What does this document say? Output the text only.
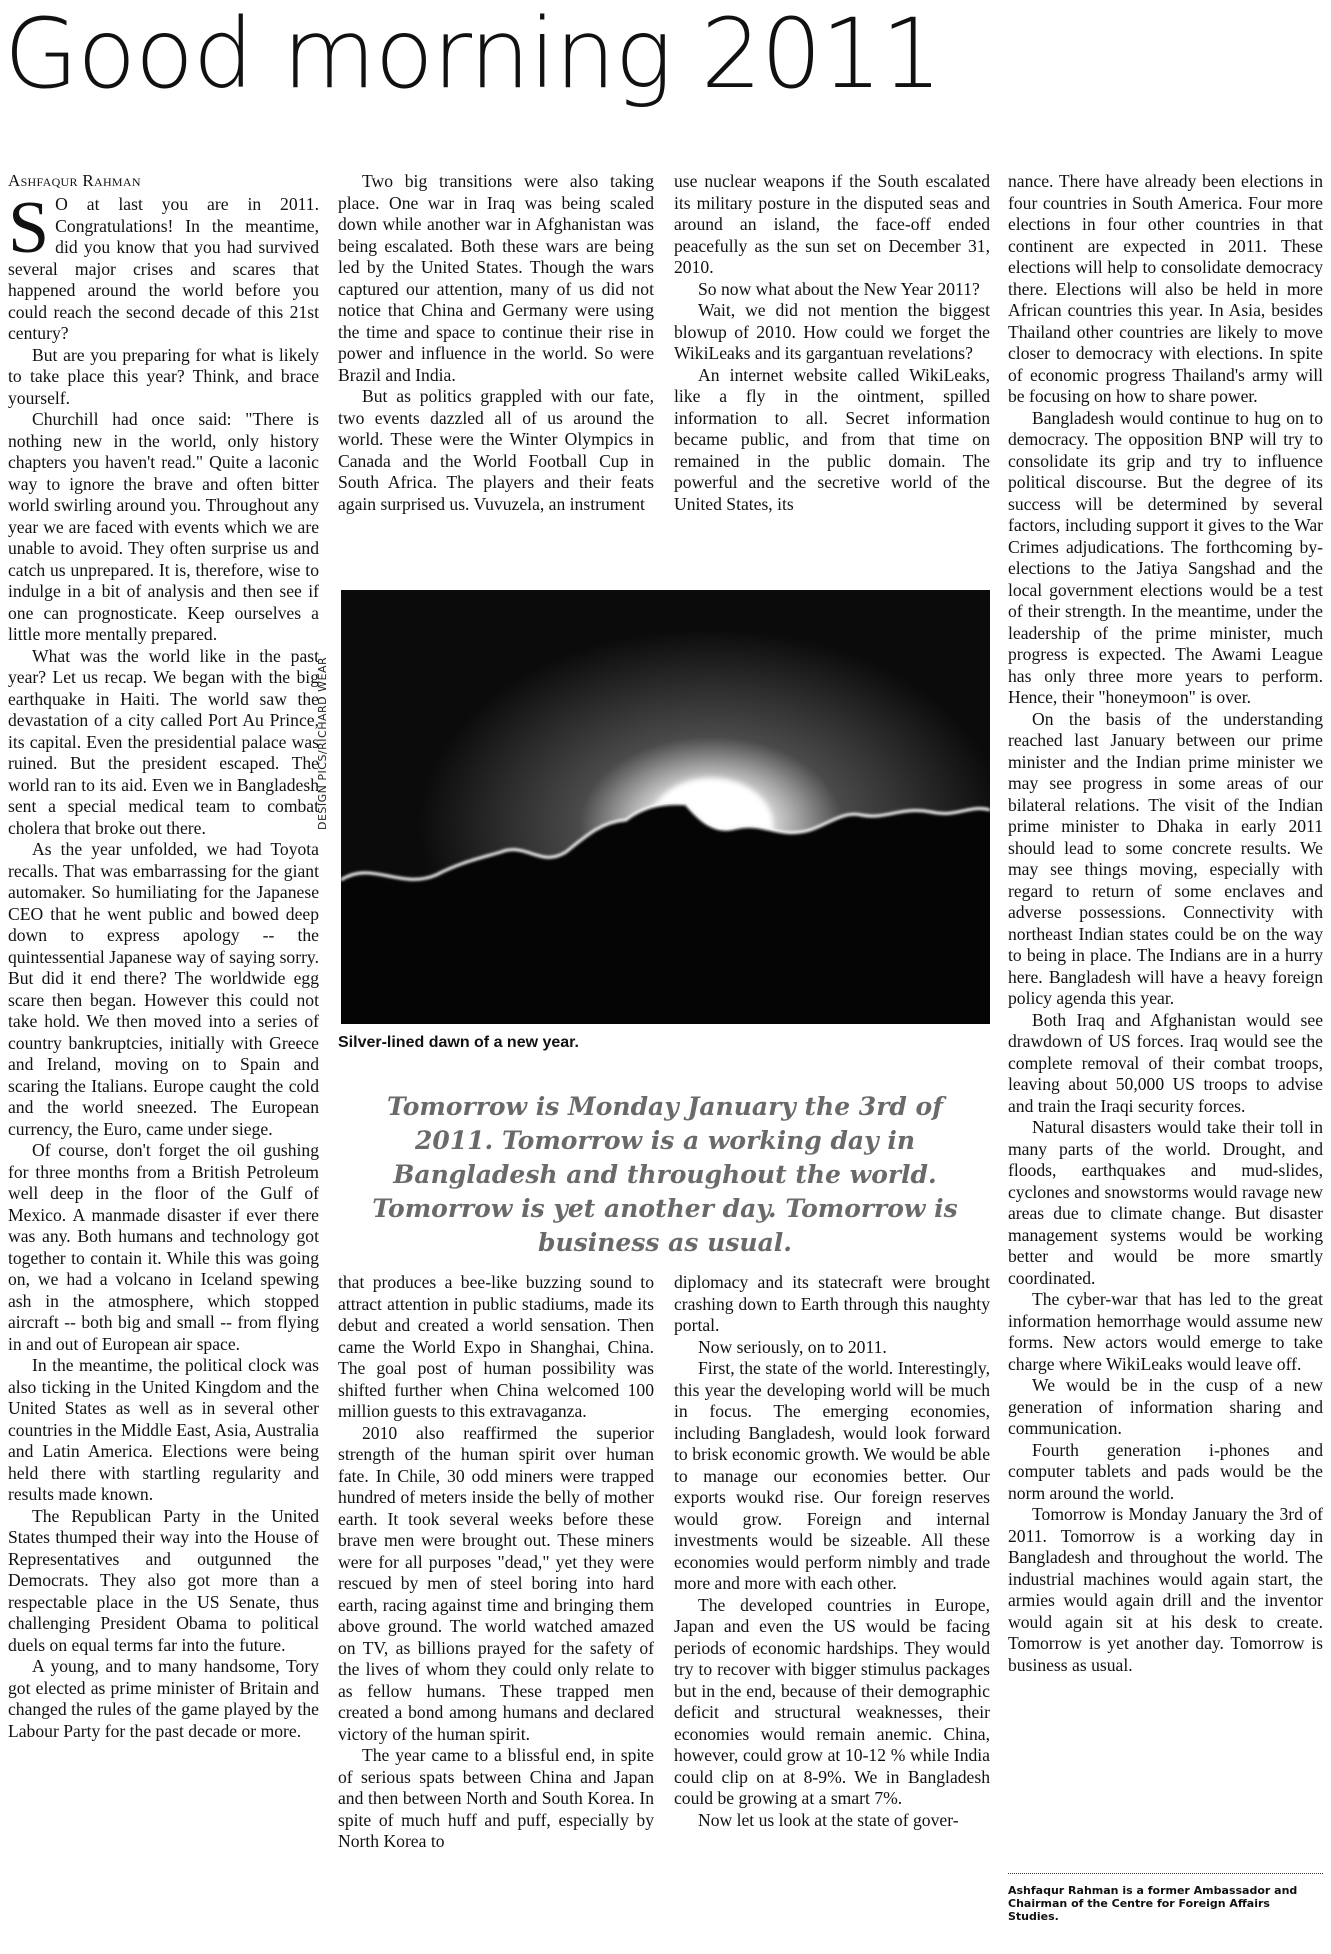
Good morning 2011
Ashfaqur Rahman

S O at last you are in 2011. Congratulations! In the meantime, did you know that you had survived several major crises and scares that happened around the world before you could reach the second decade of this 21st century?

But are you preparing for what is likely to take place this year? Think, and brace yourself.

Churchill had once said: "There is nothing new in the world, only history chapters you haven't read." Quite a laconic way to ignore the brave and often bitter world swirling around you. Throughout any year we are faced with events which we are unable to avoid. They often surprise us and catch us unprepared. It is, therefore, wise to indulge in a bit of analysis and then see if one can prognosticate. Keep ourselves a little more mentally prepared.

What was the world like in the past year? Let us recap. We began with the big earthquake in Haiti. The world saw the devastation of a city called Port Au Prince, its capital. Even the presidential palace was ruined. But the president escaped. The world ran to its aid. Even we in Bangladesh sent a special medical team to combat cholera that broke out there.

As the year unfolded, we had Toyota recalls. That was embarrassing for the giant automaker. So humiliating for the Japanese CEO that he went public and bowed deep down to express apology -- the quintessential Japanese way of saying sorry. But did it end there? The worldwide egg scare then began. However this could not take hold. We then moved into a series of country bankruptcies, initially with Greece and Ireland, moving on to Spain and scaring the Italians. Europe caught the cold and the world sneezed. The European currency, the Euro, came under siege.

Of course, don't forget the oil gushing for three months from a British Petroleum well deep in the floor of the Gulf of Mexico. A manmade disaster if ever there was any. Both humans and technology got together to contain it. While this was going on, we had a volcano in Iceland spewing ash in the atmosphere, which stopped aircraft -- both big and small -- from flying in and out of European air space.

In the meantime, the political clock was also ticking in the United Kingdom and the United States as well as in several other countries in the Middle East, Asia, Australia and Latin America. Elections were being held there with startling regularity and results made known.

The Republican Party in the United States thumped their way into the House of Representatives and outgunned the Democrats. They also got more than a respectable place in the US Senate, thus challenging President Obama to political duels on equal terms far into the future.

A young, and to many handsome, Tory got elected as prime minister of Britain and changed the rules of the game played by the Labour Party for the past decade or more.

Two big transitions were also taking place. One war in Iraq was being scaled down while another war in Afghanistan was being escalated. Both these wars are being led by the United States. Though the wars captured our attention, many of us did not notice that China and Germany were using the time and space to continue their rise in power and influence in the world. So were Brazil and India.

But as politics grappled with our fate, two events dazzled all of us around the world. These were the Winter Olympics in Canada and the World Football Cup in South Africa. The players and their feats again surprised us. Vuvuzela, an instrument

use nuclear weapons if the South escalated its military posture in the disputed seas and around an island, the face-off ended peacefully as the sun set on December 31, 2010.

So now what about the New Year 2011?

Wait, we did not mention the biggest blowup of 2010. How could we forget the WikiLeaks and its gargantuan revelations?

An internet website called WikiLeaks, like a fly in the ointment, spilled information to all. Secret information became public, and from that time on remained in the public domain. The powerful and the secretive world of the United States, its

nance. There have already been elections in four countries in South America. Four more elections in four other countries in that continent are expected in 2011. These elections will help to consolidate democracy there. Elections will also be held in more African countries this year. In Asia, besides Thailand other countries are likely to move closer to democracy with elections. In spite of economic progress Thailand's army will be focusing on how to share power.

Bangladesh would continue to hug on to democracy. The opposition BNP will try to consolidate its grip and try to influence political discourse. But the degree of its success will be determined by several factors, including support it gives to the War Crimes adjudications. The forthcoming by-elections to the Jatiya Sangshad and the local government elections would be a test of their strength. In the meantime, under the leadership of the prime minister, much progress is expected. The Awami League has only three more years to perform. Hence, their "honeymoon" is over.

On the basis of the understanding reached last January between our prime minister and the Indian prime minister we may see progress in some areas of our bilateral relations. The visit of the Indian prime minister to Dhaka in early 2011 should lead to some concrete results. We may see things moving, especially with regard to return of some enclaves and adverse possessions. Connectivity with northeast Indian states could be on the way to being in place. The Indians are in a hurry here. Bangladesh will have a heavy foreign policy agenda this year.

Both Iraq and Afghanistan would see drawdown of US forces. Iraq would see the complete removal of their combat troops, leaving about 50,000 US troops to advise and train the Iraqi security forces.

Natural disasters would take their toll in many parts of the world. Drought, and floods, earthquakes and mud-slides, cyclones and snowstorms would ravage new areas due to climate change. But disaster management systems would be working better and would be more smartly coordinated.

The cyber-war that has led to the great information hemorrhage would assume new forms. New actors would emerge to take charge where WikiLeaks would leave off.

We would be in the cusp of a new generation of information sharing and communication.

Fourth generation i-phones and computer tablets and pads would be the norm around the world.

Tomorrow is Monday January the 3rd of 2011. Tomorrow is a working day in Bangladesh and throughout the world. The industrial machines would again start, the armies would again drill and the inventor would again sit at his desk to create. Tomorrow is yet another day. Tomorrow is business as usual.

DESIGN PICS/RICHARD WEAR
Silver-lined dawn of a new year.
Tomorrow is Monday January the 3rd of 2011. Tomorrow is a working day in Bangladesh and throughout the world. Tomorrow is yet another day. Tomorrow is business as usual.

that produces a bee-like buzzing sound to attract attention in public stadiums, made its debut and created a world sensation. Then came the World Expo in Shanghai, China. The goal post of human possibility was shifted further when China welcomed 100 million guests to this extravaganza.

2010 also reaffirmed the superior strength of the human spirit over human fate. In Chile, 30 odd miners were trapped hundred of meters inside the belly of mother earth. It took several weeks before these brave men were brought out. These miners were for all purposes "dead," yet they were rescued by men of steel boring into hard earth, racing against time and bringing them above ground. The world watched amazed on TV, as billions prayed for the safety of the lives of whom they could only relate to as fellow humans. These trapped men created a bond among humans and declared victory of the human spirit.

The year came to a blissful end, in spite of serious spats between China and Japan and then between North and South Korea. In spite of much huff and puff, especially by North Korea to

diplomacy and its statecraft were brought crashing down to Earth through this naughty portal.

Now seriously, on to 2011.

First, the state of the world. Interestingly, this year the developing world will be much in focus. The emerging economies, including Bangladesh, would look forward to brisk economic growth. We would be able to manage our economies better. Our exports woukd rise. Our foreign reserves would grow. Foreign and internal investments would be sizeable. All these economies would perform nimbly and trade more and more with each other.

The developed countries in Europe, Japan and even the US would be facing periods of economic hardships. They would try to recover with bigger stimulus packages but in the end, because of their demographic deficit and structural weaknesses, their economies would remain anemic. China, however, could grow at 10-12 % while India could clip on at 8-9%. We in Bangladesh could be growing at a smart 7%.

Now let us look at the state of gover-

Ashfaqur Rahman is a former Ambassador and Chairman of the Centre for Foreign Affairs Studies.
